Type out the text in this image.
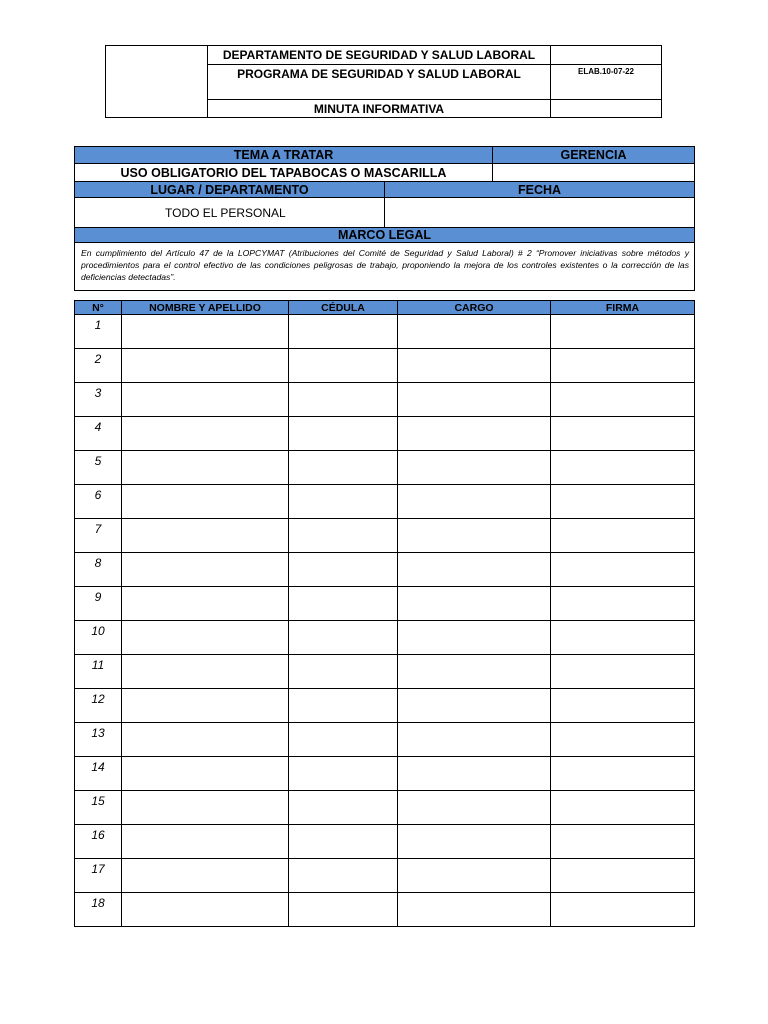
	DEPARTAMENTO DE SEGURIDAD Y SALUD LABORAL	
	PROGRAMA DE SEGURIDAD Y SALUD LABORAL	ELAB.10-07-22
	MINUTA INFORMATIVA	
TEMA A TRATAR		GERENCIA
USO OBLIGATORIO DEL TAPABOCAS O MASCARILLA		
LUGAR / DEPARTAMENTO	FECHA	
TODO EL PERSONAL		
MARCO LEGAL		
En cumplimiento del Artículo 47 de la LOPCYMAT (Atribuciones del Comité de Seguridad y Salud Laboral) # 2 “Promover iniciativas sobre métodos y procedimientos para el control efectivo de las condiciones peligrosas de trabajo, proponiendo la mejora de los controles existentes o la corrección de las deficiencias detectadas”.		
N°	NOMBRE Y APELLIDO	CÉDULA	CARGO	FIRMA
1				
2				
3				
4				
5				
6				
7				
8				
9				
10				
11				
12				
13				
14				
15				
16				
17				
18				
